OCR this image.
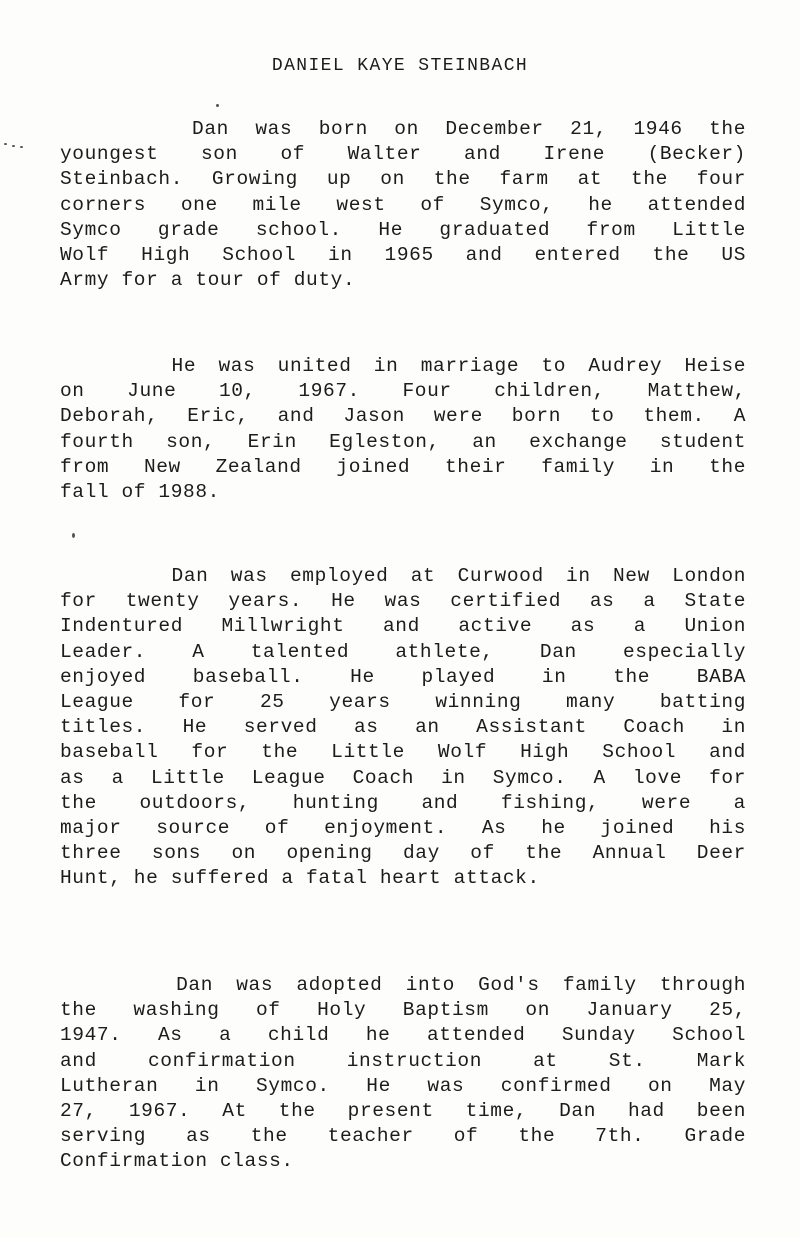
DANIEL KAYE STEINBACH
Dan was born on December 21, 1946 the
youngest son of Walter and Irene (Becker)
Steinbach. Growing up on the farm at the four
corners one mile west of Symco, he attended
Symco grade school. He graduated from Little
Wolf High School in 1965 and entered the US
Army for a tour of duty.
He was united in marriage to Audrey Heise
on June 10, 1967. Four children, Matthew,
Deborah, Eric, and Jason were born to them. A
fourth son, Erin Egleston, an exchange student
from New Zealand joined their family in the
fall of 1988.
Dan was employed at Curwood in New London
for twenty years. He was certified as a State
Indentured Millwright and active as a Union
Leader. A talented athlete, Dan especially
enjoyed baseball. He played in the BABA
League for 25 years winning many batting
titles. He served as an Assistant Coach in
baseball for the Little Wolf High School and
as a Little League Coach in Symco. A love for
the outdoors, hunting and fishing, were a
major source of enjoyment. As he joined his
three sons on opening day of the Annual Deer
Hunt, he suffered a fatal heart attack.
Dan was adopted into God's family through
the washing of Holy Baptism on January 25,
1947. As a child he attended Sunday School
and confirmation instruction at St. Mark
Lutheran in Symco. He was confirmed on May
27, 1967. At the present time, Dan had been
serving as the teacher of the 7th. Grade
Confirmation class.
